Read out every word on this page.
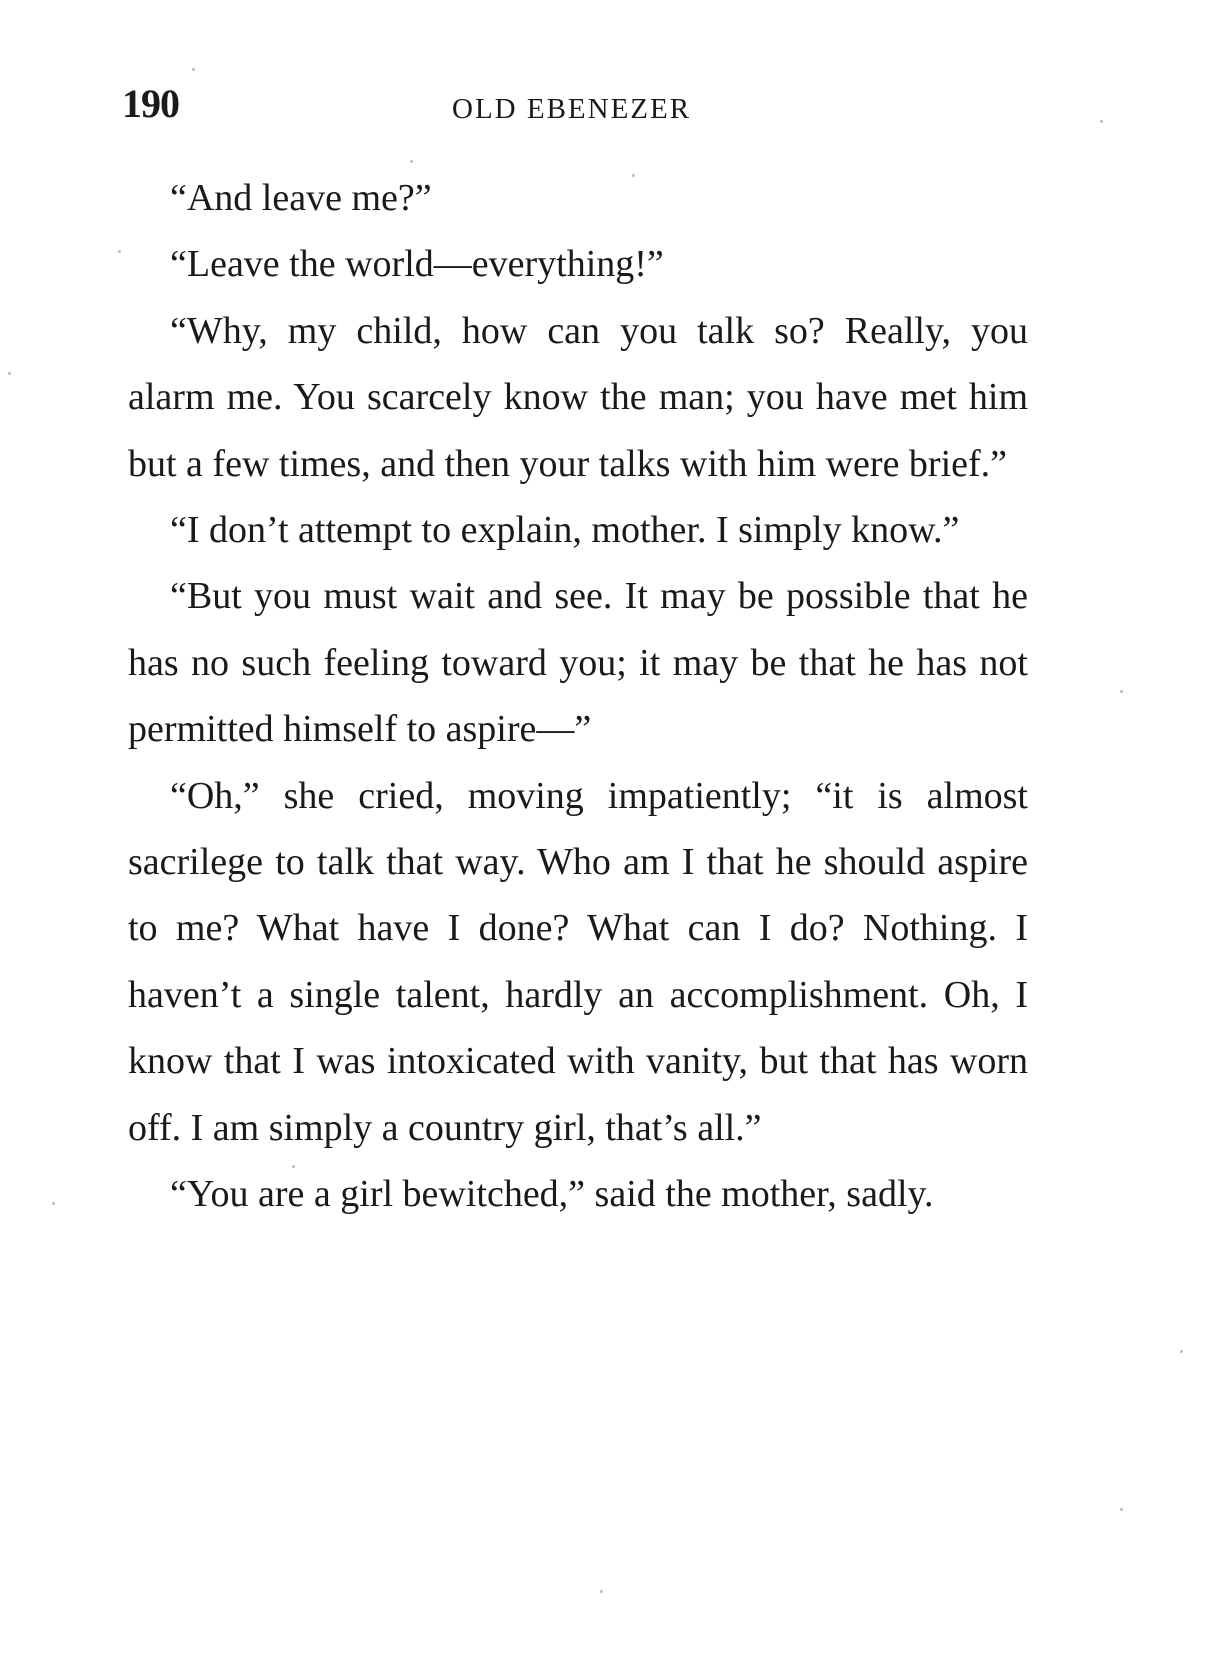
190	OLD EBENEZER

“And leave me?”

“Leave the world—everything!”

“Why, my child, how can you talk so? Really, you alarm me. You scarcely know the man; you have met him but a few times, and then your talks with him were brief.”

“I don’t attempt to explain, mother. I simply know.”

“But you must wait and see. It may be possible that he has no such feeling toward you; it may be that he has not permitted himself to aspire—”

“Oh,” she cried, moving impatiently; “it is almost sacrilege to talk that way. Who am I that he should aspire to me? What have I done? What can I do? Nothing. I haven’t a single talent, hardly an accomplishment. Oh, I know that I was intoxicated with vanity, but that has worn off. I am simply a country girl, that’s all.”

“You are a girl bewitched,” said the mother, sadly.
